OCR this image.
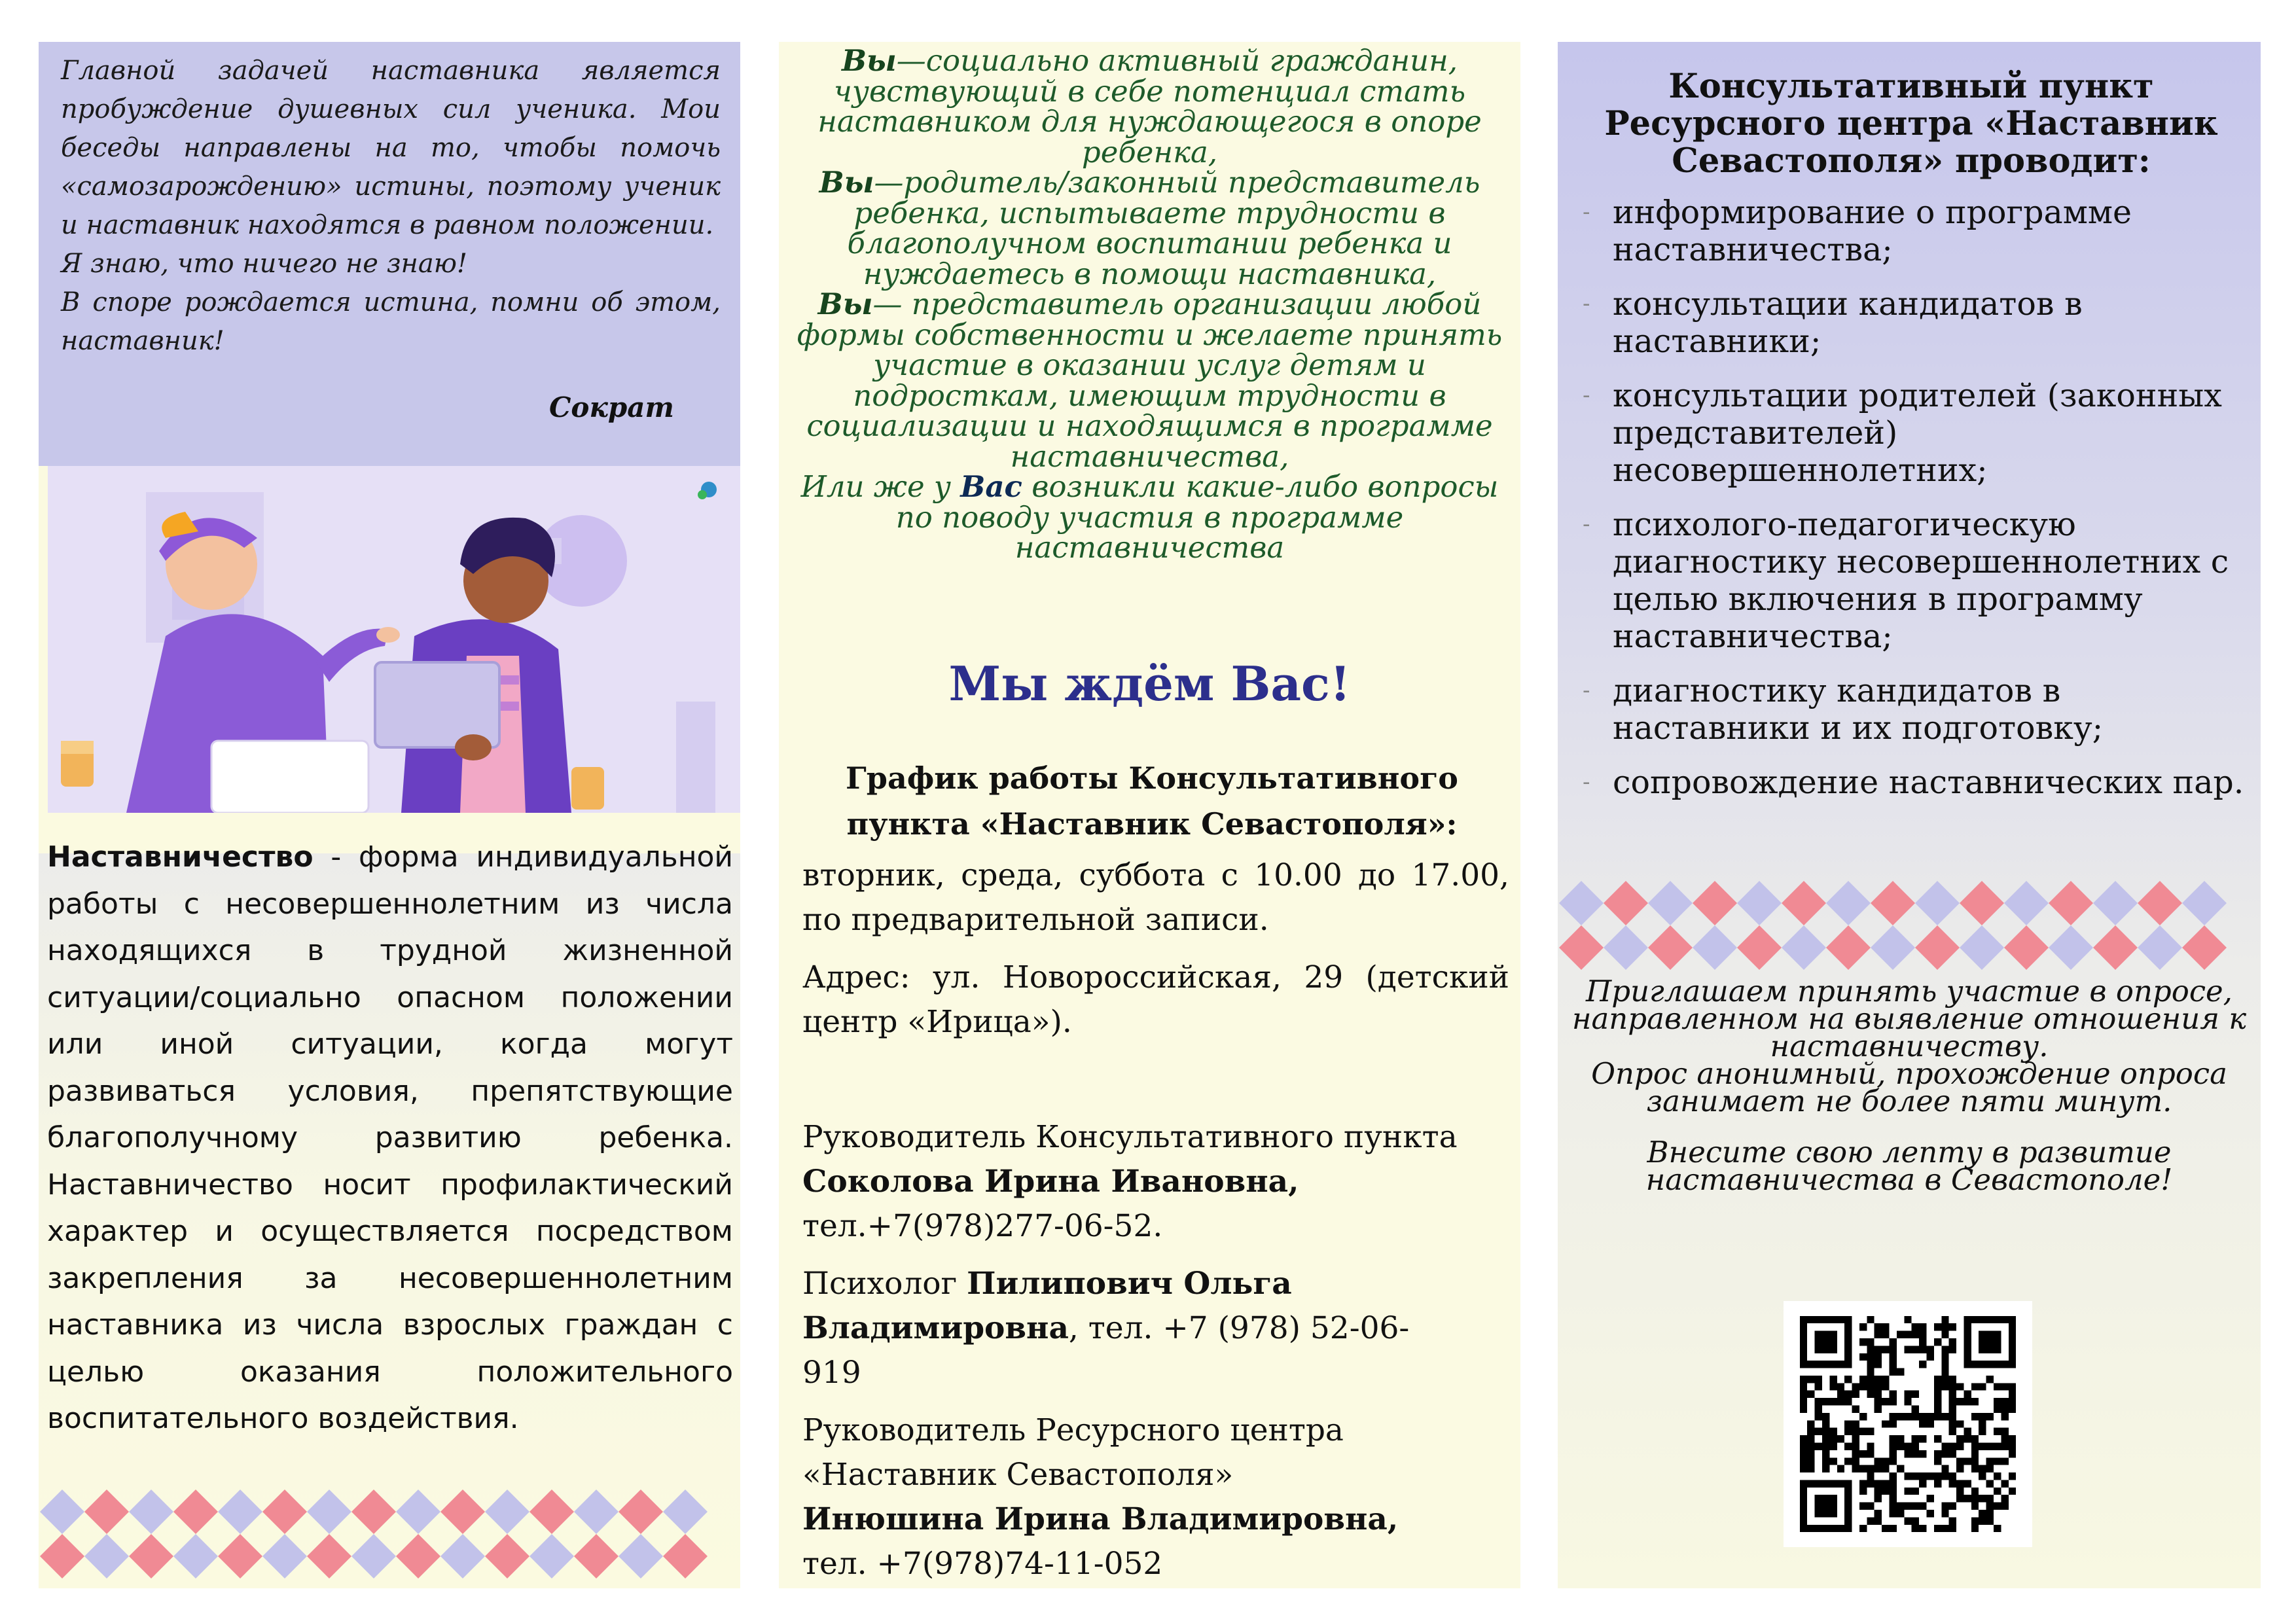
Главной задачей наставника является пробуждение душевных сил ученика. Мои беседы направлены на то, чтобы помочь «самозарождению» истины, поэтому ученик и наставник находятся в равном положении.

Я знаю, что ничего не знаю!

В споре рождается истина, помни об этом, наставник!

Сократ
Наставничество - форма индивидуальной работы с несовершеннолетним из числа находящихся в трудной жизненной ситуации/социально опасном положении или иной ситуации, когда могут развиваться условия, препятствующие благополучному развитию ребенка. Наставничество носит профилактический характер и осуществляется посредством закрепления за несовершеннолетним наставника из числа взрослых граждан с целью оказания положительного воспитательного воздействия.

Вы—социально активный гражданин, чувствующий в себе потенциал стать наставником для нуждающегося в опоре ребенка,

Вы—родитель/законный представитель ребенка, испытываете трудности в благополучном воспитании ребенка и нуждаетесь в помощи наставника,

Вы— представитель организации любой формы собственности и желаете принять участие в оказании услуг детям и подросткам, имеющим трудности в социализации и находящимся в программе наставничества,

Или же у Вас возникли какие-либо вопросы по поводу участия в программе наставничества

Мы ждём Вас!
График работы Консультативного пункта «Наставник Севастополя»:

вторник, среда, суббота с 10.00 до 17.00, по предварительной записи.

Адрес: ул. Новороссийская, 29 (детский центр «Ирица»).

Руководитель Консультативного пункта

Соколова Ирина Ивановна,

тел.+7(978)277-06-52.

Психолог Пилипович Ольга Владимировна, тел. +7 (978) 52-06-919

Руководитель Ресурсного центра «Наставник Севастополя»

Инюшина Ирина Владимировна,

тел. +7(978)74-11-052

Консультативный пункт Ресурсного центра «Наставник Севастополя» проводит:
- информирование о программе наставничества;
- консультации кандидатов в наставники;
- консультации родителей (законных представителей) несовершеннолетних;
- психолого-педагогическую диагностику несовершеннолетних с целью включения в программу наставничества;
- диагностику кандидатов в наставники и их подготовку;
- сопровождение наставнических пар.

Приглашаем принять участие в опросе, направленном на выявление отношения к наставничеству.

Опрос анонимный, прохождение опроса занимает не более пяти минут.

Внесите свою лепту в развитие наставничества в Севастополе!
